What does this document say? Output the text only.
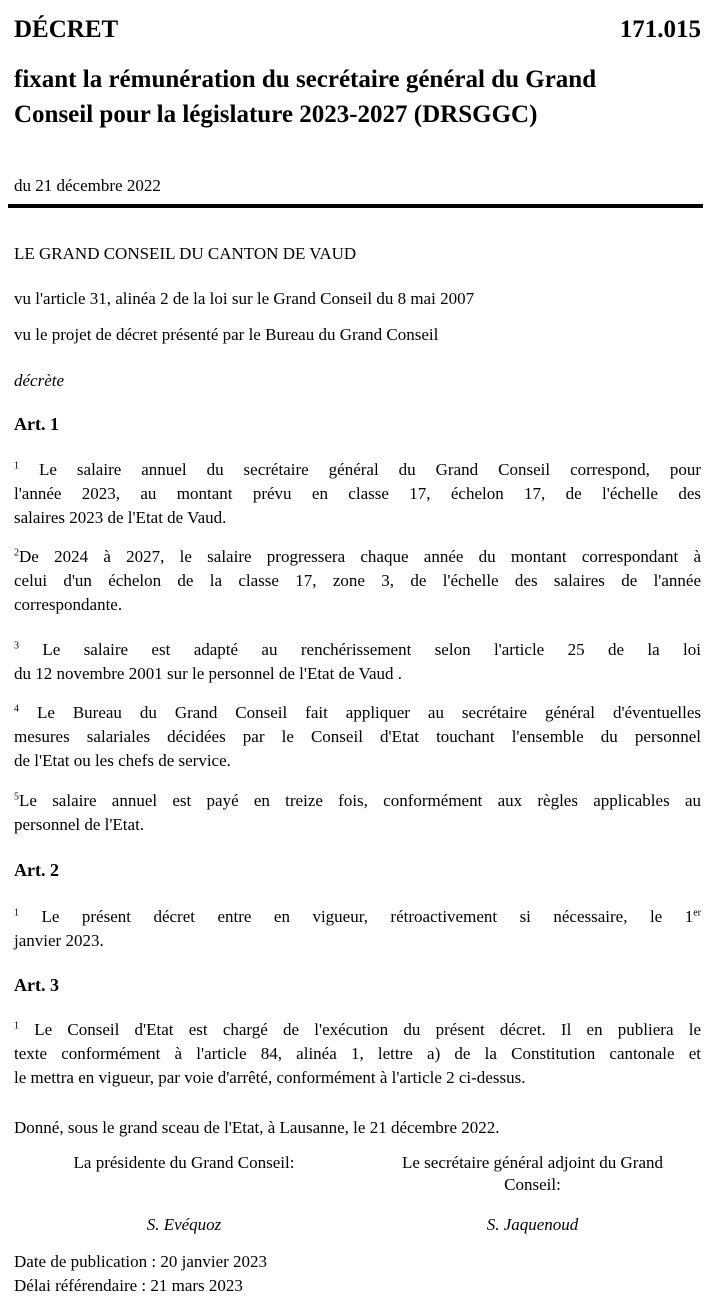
DÉCRET	171.015
fixant la rémunération du secrétaire général du Grand
Conseil pour la législature 2023-2027 (DRSGGC)
du 21 décembre 2022
LE GRAND CONSEIL DU CANTON DE VAUD
vu l'article 31, alinéa 2 de la loi sur le Grand Conseil du 8 mai 2007
vu le projet de décret présenté par le Bureau du Grand Conseil
décrète
Art. 1
$^1$ Le salaire annuel du secrétaire général du Grand Conseil correspond, pour
l'année 2023, au montant prévu en classe 17, échelon 17, de l'échelle des

salaires 2023 de l'Etat de Vaud.
$^2$De 2024 à 2027, le salaire progressera chaque année du montant correspondant à
celui d'un échelon de la classe 17, zone 3, de l'échelle des salaires de l'année

correspondante.
$^3$ Le salaire est adapté au renchérissement selon l'article 25 de la loi

du 12 novembre 2001 sur le personnel de l'Etat de Vaud .
$^4$ Le Bureau du Grand Conseil fait appliquer au secrétaire général d'éventuelles
mesures salariales décidées par le Conseil d'Etat touchant l'ensemble du personnel

de l'Etat ou les chefs de service.
$^5$Le salaire annuel est payé en treize fois, conformément aux règles applicables au

personnel de l'Etat.
Art. 2
$^1$ Le présent décret entre en vigueur, rétroactivement si nécessaire, le 1er

janvier 2023.
Art. 3
$^1$ Le Conseil d'Etat est chargé de l'exécution du présent décret. Il en publiera le
texte conformément à l'article 84, alinéa 1, lettre a) de la Constitution cantonale et

le mettra en vigueur, par voie d'arrêté, conformément à l'article 2 ci-dessus.
Donné, sous le grand sceau de l'Etat, à Lausanne, le 21 décembre 2022.
La présidente du Grand Conseil:
S. Evéquoz
Le secrétaire général adjoint du Grand
Conseil:
S. Jaquenoud
Date de publication : 20 janvier 2023
Délai référendaire : 21 mars 2023
